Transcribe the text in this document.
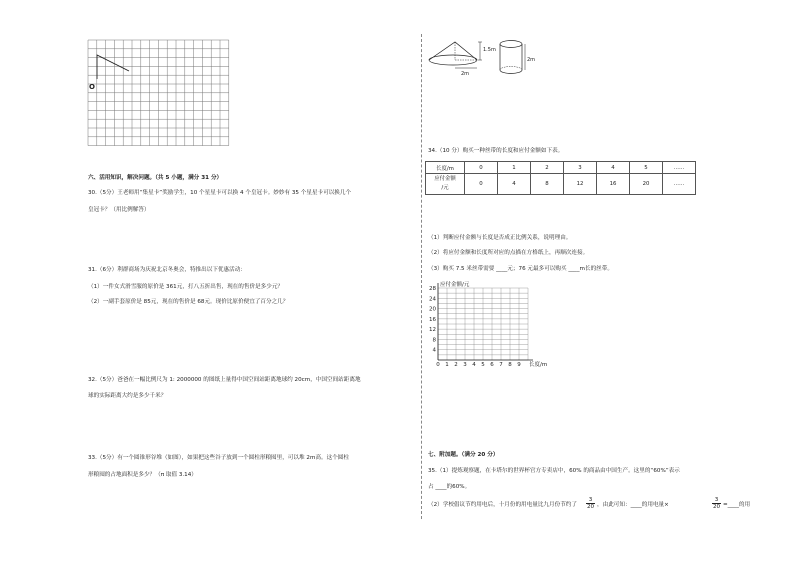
O
六、活用知识，解决问题。（共 5 小题，满分 31 分）
30.（5分）王老师用“集星卡”奖励学生，10 个星星卡可以换 4 个皇冠卡。妙妙有 35 个星星卡可以换几个
皇冠卡？（用比例解答）
31.（6分）利群商场为庆祝北京冬奥会，特推出以下优惠活动：
（1）一件女式滑雪服的原价是 361元，打八五折出售，现在的售价是多少元？
（2）一副手套原价是 85元，现在的售价是 68元。现价比原价便宜了百分之几？
32.（5分）爸爸在一幅比例尺为 1: 2000000 的图纸上量得中国空间站距离地球约 20cm，中国空间站距离地
球的实际距离大约是多少千米？
33.（5分）有一个圆锥形谷堆（如图），如果把这些谷子放到一个圆柱形粮囤里，可以堆 2m高。这个圆柱
形粮囤的占地面积是多少？（π 取值 3.14）
1.5m
2m
2m
34.（10 分）购买一种丝带的长度和应付金额如下表。
长度/m	0	1	2	3	4	5	……
应付金额
/元	0	4	8	12	16	20	……
（1）判断应付金额与长度是否成正比例关系，说明理由。
（2）将应付金额和长度所对应的点描在方格纸上，再顺次连接。
（3）购买 7.5 米丝带需要 ____元；76 元最多可以购买 ____m长的丝带。
0 1 2 3 4 5 6 7 8 9
4
8
12
16
20
24
28
应付金额/元
长度/m
七、附加题。（满分 20 分）
35.（1）提炼观察题，在卡塔尔的世界杯官方专卖店中，60% 的商品由中国生产。这里的“60%”表示
占 ____的60%。
（2）学校倡议节约用电后，十月份的用电量比九月份节约了 $\frac{3}{20}$ ，由此可知：____的用电量×	$\frac{3}{20}$ =____的用
